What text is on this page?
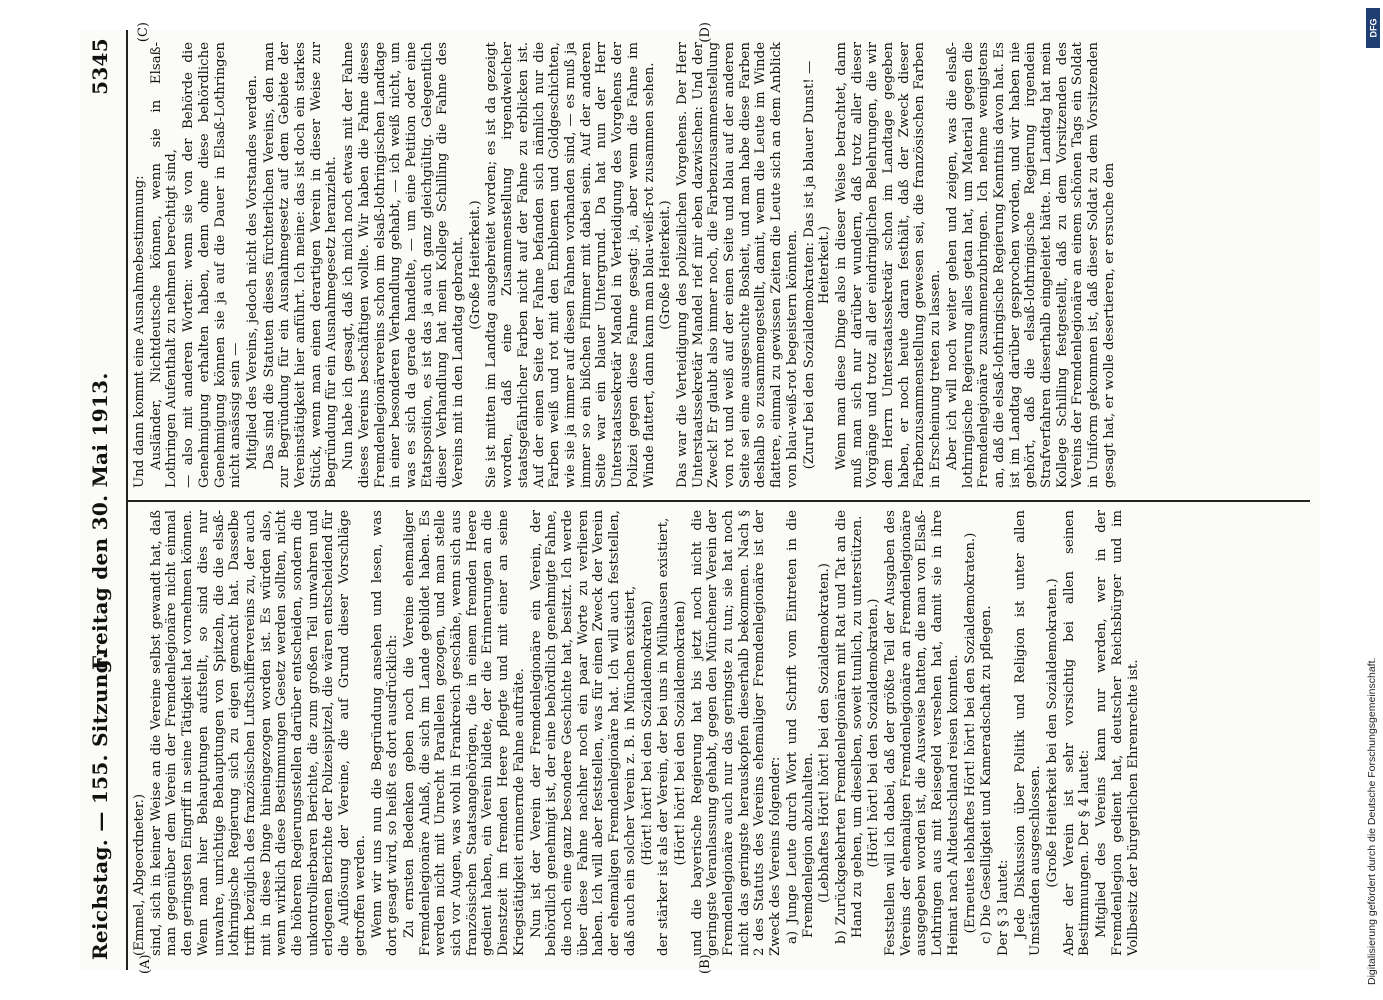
Reichstag. — 155. Sitzung.
Freitag den 30. Mai 1913.
5345
(A)	(B)
(C)	(D)

(Emmel, Abgeordneter.) sind, sich in keiner Weise an die Vereine selbst gewandt hat, daß man gegenüber dem Verein der Fremdenlegionäre nicht einmal den geringsten Eingriff in seine Tätigkeit hat vornehmen können. Wenn man hier Behauptungen aufstellt, so sind dies nur unwahre, unrichtige Behauptungen von Spitzeln, die die elsaß-lothringische Regierung sich zu eigen gemacht hat. Dasselbe trifft bezüglich des französischen Luftschiffervereins zu, der auch mit in diese Dinge hineingezogen worden ist. Es würden also, wenn wirklich diese Bestimmungen Gesetz werden sollten, nicht die höheren Regierungsstellen darüber entscheiden, sondern die unkontrollierbaren Berichte, die zum großen Teil unwahren und erlogenen Berichte der Polizeispitzel, die wären entscheidend für die Auflösung der Vereine, die auf Grund dieser Vorschläge getroffen werden. Wenn wir uns nun die Begründung ansehen und lesen, was dort gesagt wird, so heißt es dort ausdrücklich: Zu ernsten Bedenken geben noch die Vereine ehemaliger Fremdenlegionäre Anlaß, die sich im Lande gebildet haben. Es werden nicht mit Unrecht Parallelen gezogen, und man stelle sich vor Augen, was wohl in Frankreich geschähe, wenn sich aus französischen Staatsangehörigen, die in einem fremden Heere gedient haben, ein Verein bildete, der die Erinnerungen an die Dienstzeit im fremden Heere pflegte und mit einer an seine Kriegstätigkeit erinnernde Fahne aufträte. Nun ist der Verein der Fremdenlegionäre ein Verein, der behördlich genehmigt ist, der eine behördlich genehmigte Fahne, die noch eine ganz besondere Geschichte hat, besitzt. Ich werde über diese Fahne nachher noch ein paar Worte zu verlieren haben. Ich will aber feststellen, was für einen Zweck der Verein der ehemaligen Fremdenlegionäre hat. Ich will auch feststellen, daß auch ein solcher Verein z. B. in München existiert, (Hört! hört! bei den Sozialdemokraten) der stärker ist als der Verein, der bei uns in Mülhausen existiert, (Hört! hört! bei den Sozialdemokraten) und die bayerische Regierung hat bis jetzt noch nicht die geringste Veranlassung gehabt, gegen den Münchener Verein der Fremdenlegionäre auch nur das geringste zu tun; sie hat noch nicht das geringste herauskopfen dieserhalb bekommen. Nach § 2 des Statuts des Vereins ehemaliger Fremdenlegionäre ist der Zweck des Vereins folgender: a) Junge Leute durch Wort und Schrift vom Eintreten in die Fremdenlegion abzuhalten. (Lebhaftes Hört! hört! bei den Sozialdemokraten.) b) Zurückgekehrten Fremdenlegionären mit Rat und Tat an die Hand zu gehen, um dieselben, soweit tunlich, zu unterstützen. (Hört! hört! bei den Sozialdemokraten.) Feststellen will ich dabei, daß der größte Teil der Ausgaben des Vereins der ehemaligen Fremdenlegionäre an Fremdenlegionäre ausgegeben worden ist, die Ausweise hatten, die man von Elsaß-Lothringen aus mit Reisegeld versehen hat, damit sie in ihre Heimat nach Altdeutschland reisen konnten. (Erneutes lebhaftes Hört! hört! bei den Sozialdemokraten.) c) Die Geselligkeit und Kameradschaft zu pflegen. Der § 3 lautet: Jede Diskussion über Politik und Religion ist unter allen Umständen ausgeschlossen. (Große Heiterkeit bei den Sozialdemokraten.) Aber der Verein ist sehr vorsichtig bei allen seinen Bestimmungen. Der § 4 lautet: Mitglied des Vereins kann nur werden, wer in der Fremdenlegion gedient hat, deutscher Reichsbürger und im Vollbesitz der bürgerlichen Ehrenrechte ist.

Und dann kommt eine Ausnahmebestimmung: Ausländer, Nichtdeutsche können, wenn sie in Elsaß-Lothringen Aufenthalt zu nehmen berechtigt sind, — also mit anderen Worten: wenn sie von der Behörde die Genehmigung erhalten haben, denn ohne diese behördliche Genehmigung können sie ja auf die Dauer in Elsaß-Lothringen nicht ansässig sein — Mitglied des Vereins, jedoch nicht des Vorstandes werden. Das sind die Statuten dieses fürchterlichen Vereins, den man zur Begründung für ein Ausnahmegesetz auf dem Gebiete der Vereinstätigkeit hier anführt. Ich meine: das ist doch ein starkes Stück, wenn man einen derartigen Verein in dieser Weise zur Begründung für ein Ausnahmegesetz heranzieht. Nun habe ich gesagt, daß ich mich noch etwas mit der Fahne dieses Vereins beschäftigen wollte. Wir haben die Fahne dieses Fremdenlegionärvereins schon im elsaß-lothringischen Landtage in einer besonderen Verhandlung gehabt, — ich weiß nicht, um was es sich da gerade handelte, — um eine Petition oder eine Etatsposition, es ist das ja auch ganz gleichgültig. Gelegentlich dieser Verhandlung hat mein Kollege Schilling die Fahne des Vereins mit in den Landtag gebracht. (Große Heiterkeit.) Sie ist mitten im Landtag ausgebreitet worden; es ist da gezeigt worden, daß eine Zusammenstellung irgendwelcher staatsgefährlicher Farben nicht auf der Fahne zu erblicken ist. Auf der einen Seite der Fahne befanden sich nämlich nur die Farben weiß und rot mit den Emblemen und Goldgeschichten, wie sie ja immer auf diesen Fahnen vorhanden sind, — es muß ja immer so ein bißchen Flimmer mit dabei sein. Auf der anderen Seite war ein blauer Untergrund. Da hat nun der Herr Unterstaatssekretär Mandel in Verteidigung des Vorgehens der Polizei gegen diese Fahne gesagt: ja, aber wenn die Fahne im Winde flattert, dann kann man blau-weiß-rot zusammen sehen. (Große Heiterkeit.) Das war die Verteidigung des polizeilichen Vorgehens. Der Herr Unterstaatssekretär Mandel rief mir eben dazwischen: Und der Zweck! Er glaubt also immer noch, die Farbenzusammenstellung von rot und weiß auf der einen Seite und blau auf der anderen Seite sei eine ausgesuchte Bosheit, und man habe diese Farben deshalb so zusammengestellt, damit, wenn die Leute im Winde flattere, einmal zu gewissen Zeiten die Leute sich an dem Anblick von blau-weiß-rot begeistern könnten. (Zuruf bei den Sozialdemokraten: Das ist ja blauer Dunst! — Heiterkeit.) Wenn man diese Dinge also in dieser Weise betrachtet, dann muß man sich nur darüber wundern, daß trotz aller dieser Vorgänge und trotz all der eindringlichen Belehrungen, die wir dem Herrn Unterstaatssekretär schon im Landtage gegeben haben, er noch heute daran festhält, daß der Zweck dieser Farbenzusammenstellung gewesen sei, die französischen Farben in Erscheinung treten zu lassen. Aber ich will noch weiter gehen und zeigen, was die elsaß-lothringische Regierung alles getan hat, um Material gegen die Fremdenlegionäre zusammenzubringen. Ich nehme wenigstens an, daß die elsaß-lothringische Regierung Kenntnis davon hat. Es ist im Landtag darüber gesprochen worden, und wir haben nie gehört, daß die elsaß-lothringische Regierung irgendein Strafverfahren dieserhalb eingeleitet hätte. Im Landtag hat mein Kollege Schilling festgestellt, daß zu dem Vorsitzenden des Vereins der Fremdenlegionäre an einem schönen Tags ein Soldat in Uniform gekommen ist, daß dieser Soldat zu dem Vorsitzenden gesagt hat, er wolle desertieren, er ersuche den

DFG
Digitalisierung gefördert durch die Deutsche Forschungsgemeinschaft.
